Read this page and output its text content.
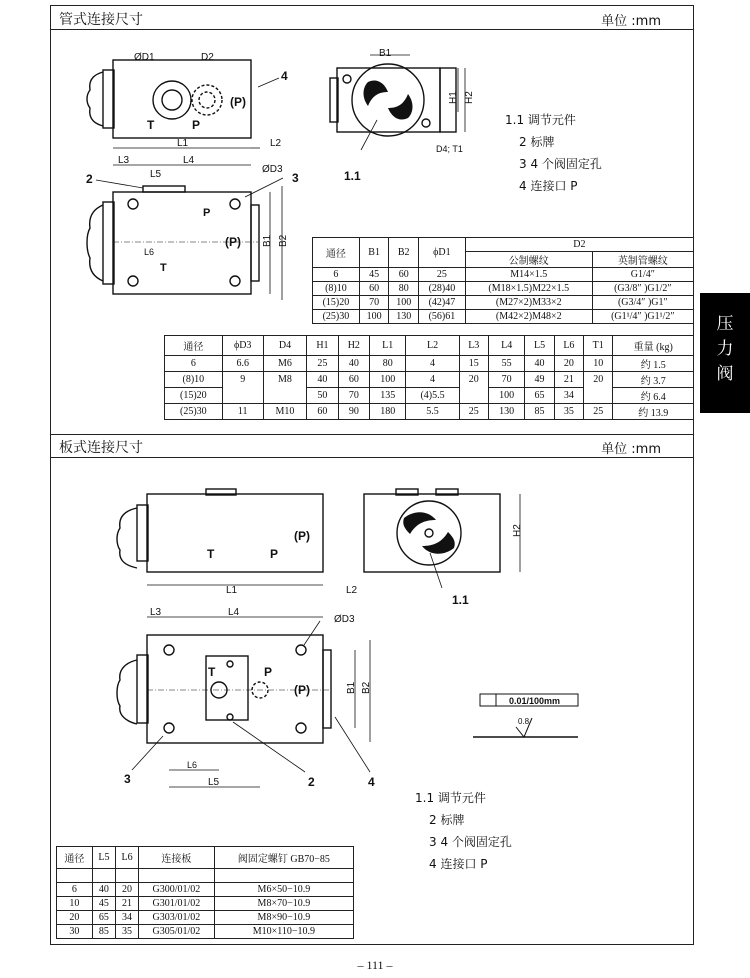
管式连接尺寸	单位 :mm
板式连接尺寸	单位 :mm
压
力
阀
ØD1	D2
(P)
T	P
4
L1	L2
B1
H1 H2
D4; T1
1.1
L3	L4
L5
2
ØD3
3
P
(P)
L6
T
B1 B2
(P)
T	P
L1	L2
H2
1.1
L3	L4
ØD3
T	P
(P)	B1 B2
L6
L5
3	2	4
0.01/100mm
0.8
1.1 调节元件
2 标牌
3 4 个阀固定孔
4 连接口 P
1.1 调节元件
2 标牌
3 4 个阀固定孔
4 连接口 P
通径	B1	B2	ϕD1	D2	
				公制螺纹	英制管螺纹
6	45	60	25	M14×1.5	G1/4″
(8)10	60	80	(28)40	(M18×1.5)M22×1.5	(G3/8″ )G1/2″
(15)20	70	100	(42)47	(M27×2)M33×2	(G3/4″ )G1″
(25)30	100	130	(56)61	(M42×2)M48×2	(G1¹/4″ )G1¹/2″
通径	ϕD3	D4	H1	H2	L1	L2	L3	L4	L5	L6	T1	重量 (kg)
6	6.6	M6	25	40	80	4	15	55	40	20	10	约 1.5
(8)10	9	M8	40	60	100	4	20	70	49	21	20	约 3.7
(15)20			50	70	135	(4)5.5		100	65	34		约 6.4
(25)30	11	M10	60	90	180	5.5	25	130	85	35	25	约 13.9
通径	L5	L6	连接板	阀固定螺钉 GB70−85

6	40	20	G300/01/02	M6×50−10.9
10	45	21	G301/01/02	M8×70−10.9
20	65	34	G303/01/02	M8×90−10.9
30	85	35	G305/01/02	M10×110−10.9
– 111 –
